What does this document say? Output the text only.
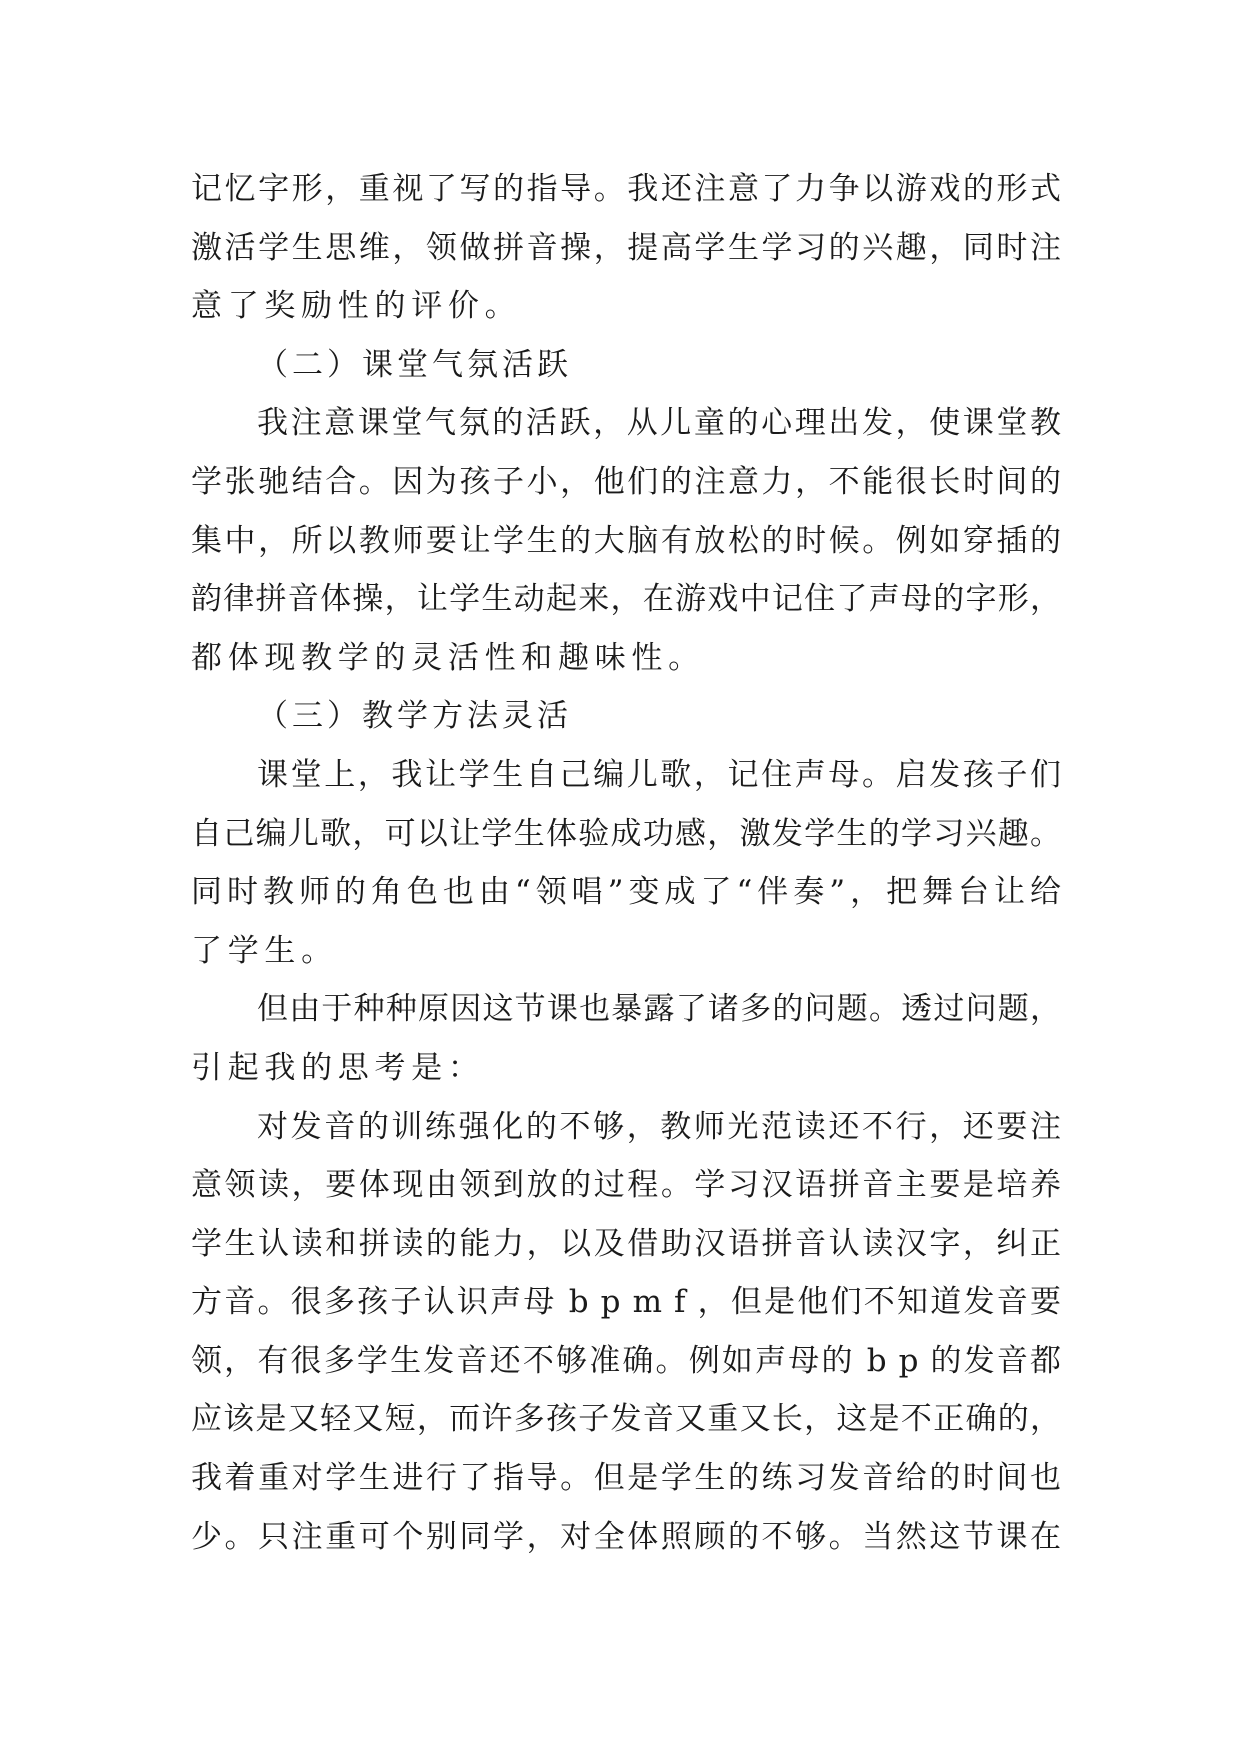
记忆字形，重视了写的指导。我还注意了力争以游戏的形式
激活学生思维，领做拼音操，提高学生学习的兴趣，同时注
意了奖励性的评价。
（二）课堂气氛活跃
我注意课堂气氛的活跃，从儿童的心理出发，使课堂教
学张驰结合。因为孩子小，他们的注意力，不能很长时间的
集中，所以教师要让学生的大脑有放松的时候。例如穿插的
韵律拼音体操，让学生动起来，在游戏中记住了声母的字形，
都体现教学的灵活性和趣味性。
（三）教学方法灵活
课堂上，我让学生自己编儿歌，记住声母。启发孩子们
自己编儿歌，可以让学生体验成功感，激发学生的学习兴趣。
同时教师的角色也由“领唱”变成了“伴奏”，把舞台让给
了学生。
但由于种种原因这节课也暴露了诸多的问题。透过问题，
引起我的思考是：
对发音的训练强化的不够，教师光范读还不行，还要注
意领读，要体现由领到放的过程。学习汉语拼音主要是培养
学生认读和拼读的能力，以及借助汉语拼音认读汉字，纠正
方音。很多孩子认识声母 b p m f ，但是他们不知道发音要
领，有很多学生发音还不够准确。例如声母的 b p 的发音都
应该是又轻又短，而许多孩子发音又重又长，这是不正确的，
我着重对学生进行了指导。但是学生的练习发音给的时间也
少。只注重可个别同学，对全体照顾的不够。当然这节课在
